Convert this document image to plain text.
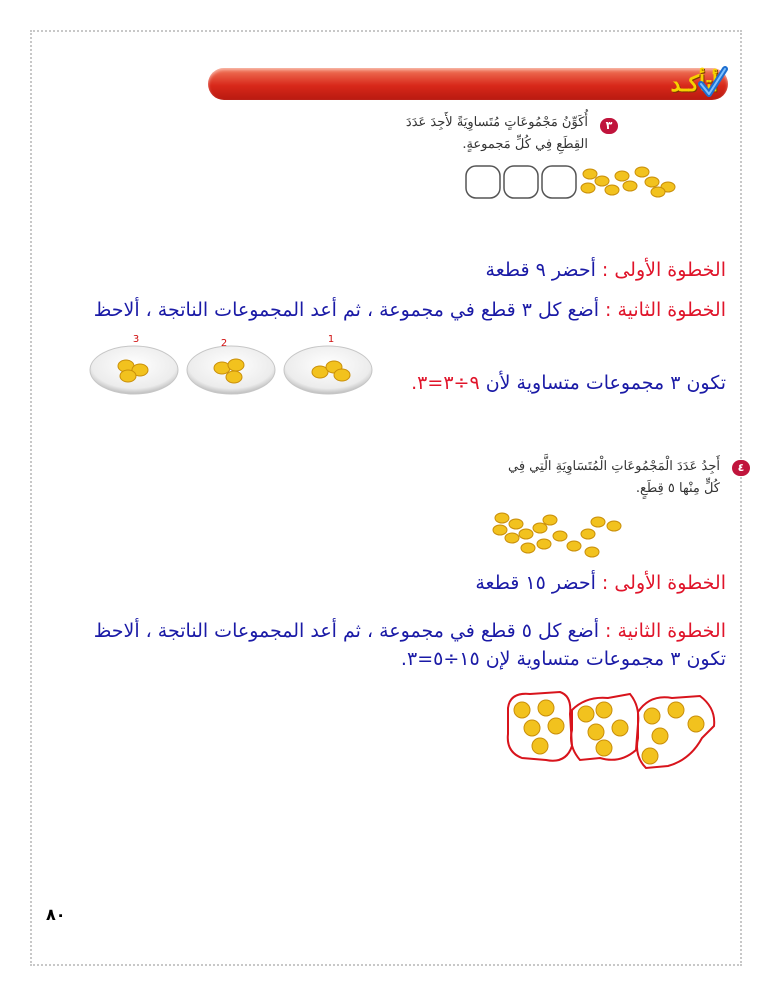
أتأكـد
٣
أُكَوِّنُ مَجْمُوعَاتٍ مُتَساوِيَةً لأَجِدَ عَدَدَ
القِطَعِ فِي كُلِّ مَجموعةٍ.
الخطوة الأولى : أحضر ٩ قطعة
الخطوة الثانية : أضع كل ٣ قطع في مجموعة ، ثم أعد المجموعات الناتجة ، ألاحظ
3	2	1
تكون ٣ مجموعات متساوية لأن ٩÷٣=٣.
٤
أَجِدُ عَدَدَ الْمَجْمُوعَاتِ الْمُتَسَاوِيَةِ الَّتِي فِي
كُلٍّ مِنْها ٥ قِطَعٍ.
الخطوة الأولى : أحضر ١٥ قطعة
الخطوة الثانية : أضع كل ٥ قطع في مجموعة ، ثم أعد المجموعات الناتجة ، ألاحظ
تكون ٣ مجموعات متساوية لإن ١٥÷٥=٣.
٨٠
